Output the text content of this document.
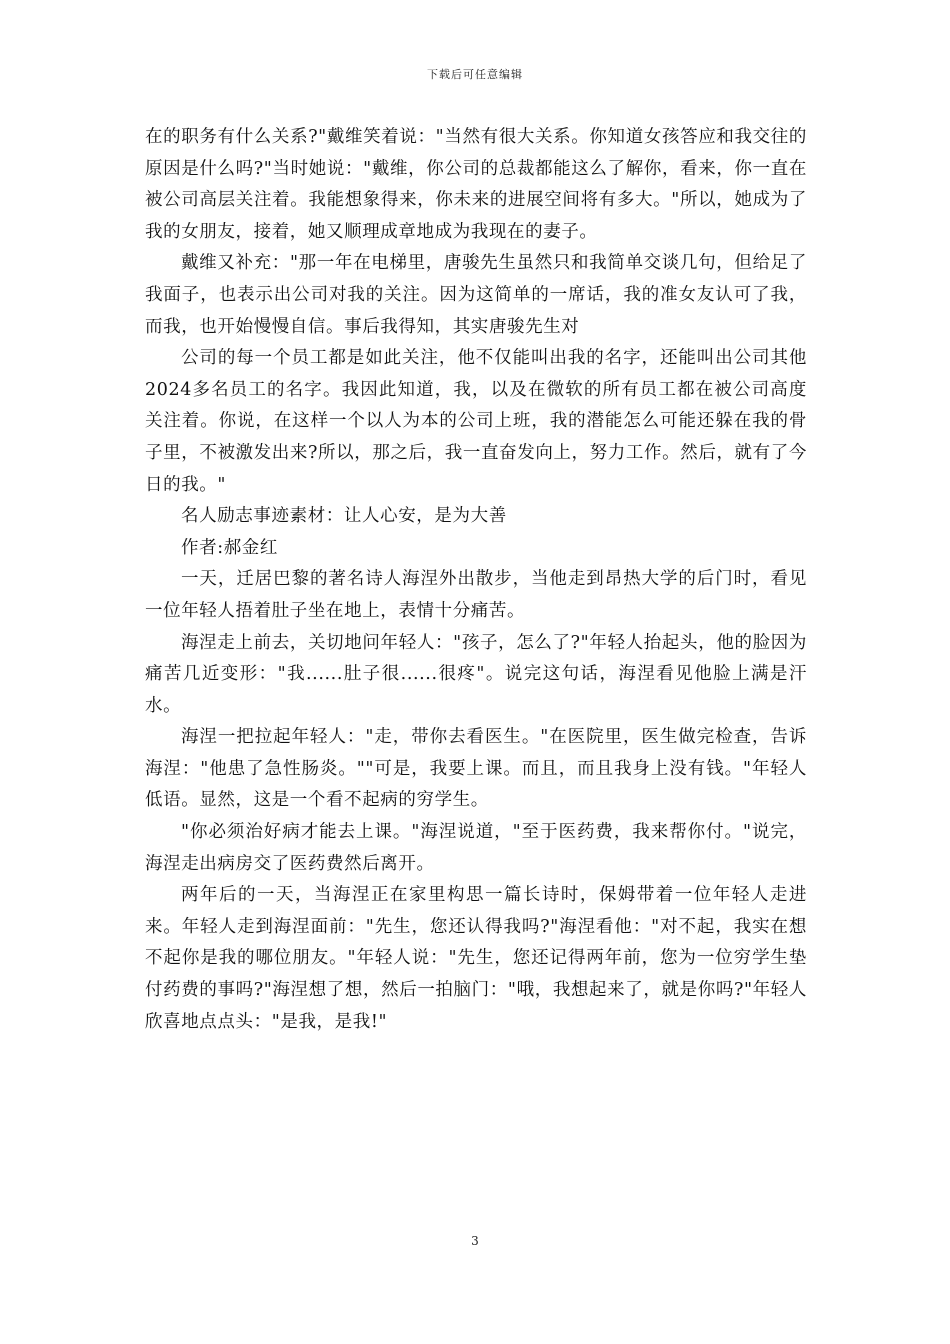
下载后可任意编辑

在的职务有什么关系?"戴维笑着说："当然有很大关系。你知道女孩答应和我交往的原因是什么吗?"当时她说："戴维，你公司的总裁都能这么了解你，看来，你一直在被公司高层关注着。我能想象得来，你未来的进展空间将有多大。"所以，她成为了我的女朋友，接着，她又顺理成章地成为我现在的妻子。

戴维又补充："那一年在电梯里，唐骏先生虽然只和我简单交谈几句，但给足了我面子，也表示出公司对我的关注。因为这简单的一席话，我的准女友认可了我，而我，也开始慢慢自信。事后我得知，其实唐骏先生对

公司的每一个员工都是如此关注，他不仅能叫出我的名字，还能叫出公司其他2024多名员工的名字。我因此知道，我，以及在微软的所有员工都在被公司高度关注着。你说，在这样一个以人为本的公司上班，我的潜能怎么可能还躲在我的骨子里，不被激发出来?所以，那之后，我一直奋发向上，努力工作。然后，就有了今日的我。"

名人励志事迹素材：让人心安，是为大善

作者:郝金红

一天，迁居巴黎的著名诗人海涅外出散步，当他走到昂热大学的后门时，看见一位年轻人捂着肚子坐在地上，表情十分痛苦。

海涅走上前去，关切地问年轻人："孩子，怎么了?"年轻人抬起头，他的脸因为痛苦几近变形："我......肚子很......很疼"。说完这句话，海涅看见他脸上满是汗水。

海涅一把拉起年轻人："走，带你去看医生。"在医院里，医生做完检查，告诉海涅："他患了急性肠炎。""可是，我要上课。而且，而且我身上没有钱。"年轻人低语。显然，这是一个看不起病的穷学生。

"你必须治好病才能去上课。"海涅说道，"至于医药费，我来帮你付。"说完，海涅走出病房交了医药费然后离开。

两年后的一天，当海涅正在家里构思一篇长诗时，保姆带着一位年轻人走进来。年轻人走到海涅面前："先生，您还认得我吗?"海涅看他："对不起，我实在想不起你是我的哪位朋友。"年轻人说："先生，您还记得两年前，您为一位穷学生垫付药费的事吗?"海涅想了想，然后一拍脑门："哦，我想起来了，就是你吗?"年轻人欣喜地点点头："是我，是我!"

3
